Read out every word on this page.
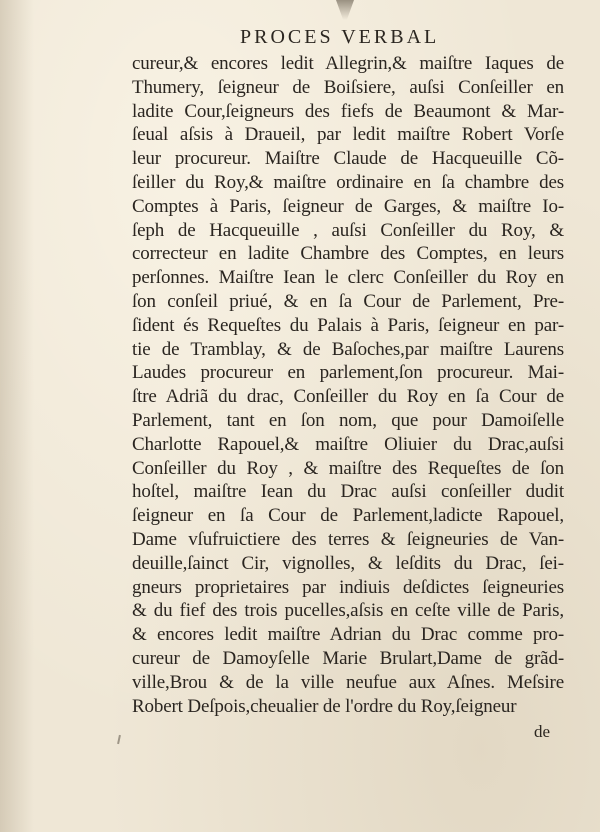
PROCES VERBAL
cureur,& encores ledit Allegrin,& maiſtre Iaques de
Thumery, ſeigneur de Boiſsiere, auſsi Conſeiller en
ladite Cour,ſeigneurs des fiefs de Beaumont & Mar-
ſeual aſsis à Draueil, par ledit maiſtre Robert Vorſe
leur procureur. Maiſtre Claude de Hacqueuille Cõ-
ſeiller du Roy,& maiſtre ordinaire en ſa chambre des
Comptes à Paris, ſeigneur de Garges, & maiſtre Io-
ſeph de Hacqueuille , auſsi Conſeiller du Roy, &
correcteur en ladite Chambre des Comptes, en leurs
perſonnes. Maiſtre Iean le clerc Conſeiller du Roy en
ſon conſeil priué, & en ſa Cour de Parlement, Pre-
ſident és Requeſtes du Palais à Paris, ſeigneur en par-
tie de Tramblay, & de Baſoches,par maiſtre Laurens
Laudes procureur en parlement,ſon procureur. Mai-
ſtre Adriã du drac, Conſeiller du Roy en ſa Cour de
Parlement, tant en ſon nom, que pour Damoiſelle
Charlotte Rapouel,& maiſtre Oliuier du Drac,auſsi
Conſeiller du Roy , & maiſtre des Requeſtes de ſon
hoſtel, maiſtre Iean du Drac auſsi conſeiller dudit
ſeigneur en ſa Cour de Parlement,ladicte Rapouel,
Dame vſufruictiere des terres & ſeigneuries de Van-
deuille,ſainct Cir, vignolles, & leſdits du Drac, ſei-
gneurs proprietaires par indiuis deſdictes ſeigneuries
& du fief des trois pucelles,aſsis en ceſte ville de Paris,
& encores ledit maiſtre Adrian du Drac comme pro-
cureur de Damoyſelle Marie Brulart,Dame de grãd-
ville,Brou & de la ville neufue aux Aſnes. Meſsire
Robert Deſpois,cheualier de l'ordre du Roy,ſeigneur
de
